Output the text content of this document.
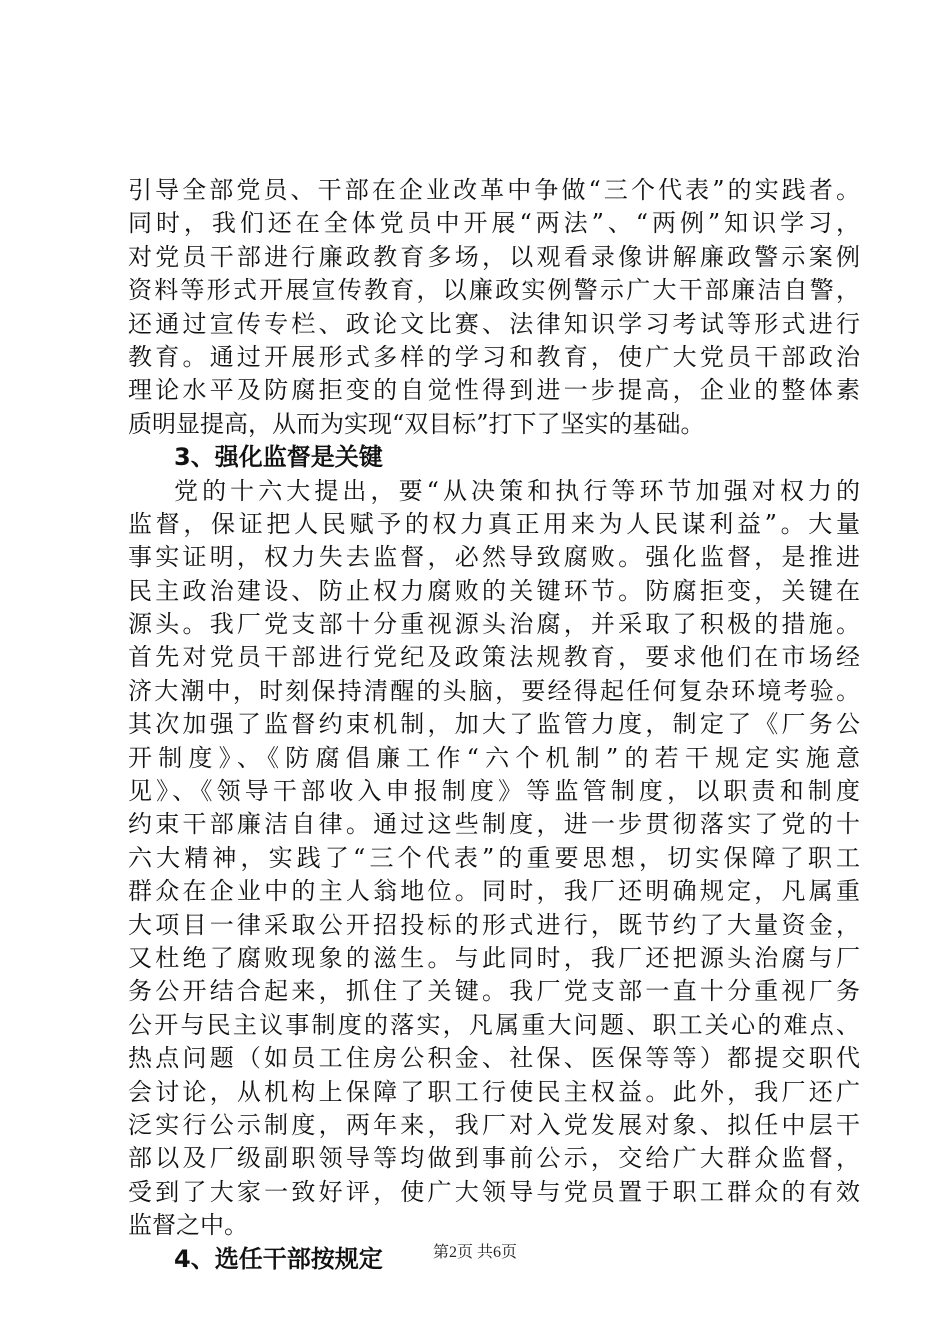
引导全部党员、干部在企业改革中争做“三个代表”的实践者。
同时，我们还在全体党员中开展“两法”、“两例”知识学习，
对党员干部进行廉政教育多场，以观看录像讲解廉政警示案例
资料等形式开展宣传教育，以廉政实例警示广大干部廉洁自警，
还通过宣传专栏、政论文比赛、法律知识学习考试等形式进行
教育。通过开展形式多样的学习和教育，使广大党员干部政治
理论水平及防腐拒变的自觉性得到进一步提高，企业的整体素
质明显提高，从而为实现“双目标”打下了坚实的基础。
3、强化监督是关键
党的十六大提出，要“从决策和执行等环节加强对权力的
监督，保证把人民赋予的权力真正用来为人民谋利益”。大量
事实证明，权力失去监督，必然导致腐败。强化监督，是推进
民主政治建设、防止权力腐败的关键环节。防腐拒变，关键在
源头。我厂党支部十分重视源头治腐，并采取了积极的措施。
首先对党员干部进行党纪及政策法规教育，要求他们在市场经
济大潮中，时刻保持清醒的头脑，要经得起任何复杂环境考验。
其次加强了监督约束机制，加大了监管力度，制定了《厂务公
开制度》、《防腐倡廉工作“六个机制”的若干规定实施意
见》、《领导干部收入申报制度》等监管制度，以职责和制度
约束干部廉洁自律。通过这些制度，进一步贯彻落实了党的十
六大精神，实践了“三个代表”的重要思想，切实保障了职工
群众在企业中的主人翁地位。同时，我厂还明确规定，凡属重
大项目一律采取公开招投标的形式进行，既节约了大量资金，
又杜绝了腐败现象的滋生。与此同时，我厂还把源头治腐与厂
务公开结合起来，抓住了关键。我厂党支部一直十分重视厂务
公开与民主议事制度的落实，凡属重大问题、职工关心的难点、
热点问题（如员工住房公积金、社保、医保等等）都提交职代
会讨论，从机构上保障了职工行使民主权益。此外，我厂还广
泛实行公示制度，两年来，我厂对入党发展对象、拟任中层干
部以及厂级副职领导等均做到事前公示，交给广大群众监督，
受到了大家一致好评，使广大领导与党员置于职工群众的有效
监督之中。
4、选任干部按规定	第2页 共6页
